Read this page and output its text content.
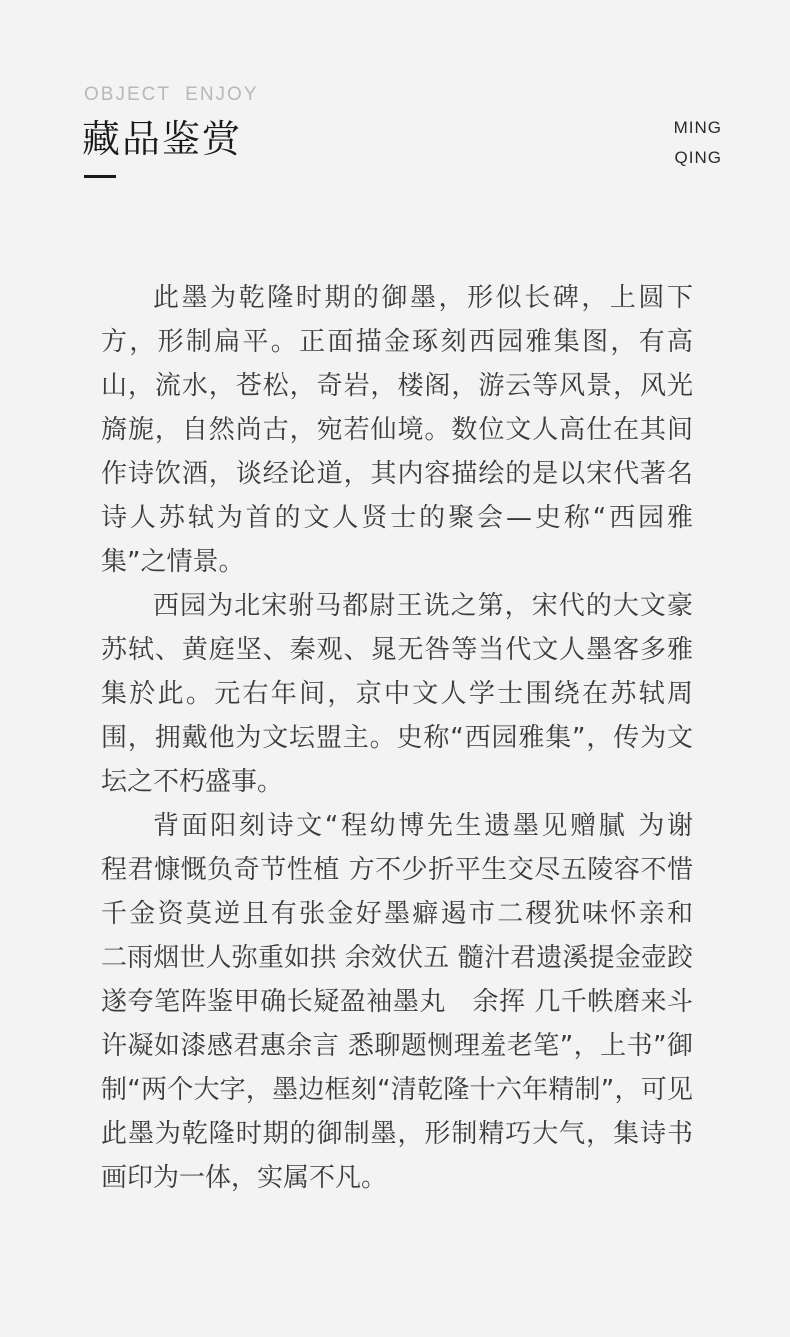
OBJECT  ENJOY
藏品鉴赏	MING
QING

此墨为乾隆时期的御墨，形似长碑，上圆下方，形制扁平。正面描金琢刻西园雅集图，有高山，流水，苍松，奇岩，楼阁，游云等风景，风光旖旎，自然尚古，宛若仙境。数位文人高仕在其间作诗饮酒，谈经论道，其内容描绘的是以宋代著名诗人苏轼为首的文人贤士的聚会—史称“西园雅集”之情景。

西园为北宋驸马都尉王诜之第，宋代的大文豪苏轼、黄庭坚、秦观、晁无咎等当代文人墨客多雅集於此。元右年间，京中文人学士围绕在苏轼周围，拥戴他为文坛盟主。史称“西园雅集”，传为文坛之不朽盛事。

背面阳刻诗文“程幼博先生遗墨见赠膩 为谢　程君慷慨负奇节性植 方不少折平生交尽五陵容不惜千金资莫逆且有张金好墨癖遏市二稷犹味怀亲和　二雨烟世人弥重如拱 余效伏五 髓汁君遗溪提金壶跤遂夸笔阵鉴甲确长疑盈袖墨丸　余挥 几千帙磨来斗许凝如漆感君惠余言 悉聊题恻理羞老笔”，上书”御制“两个大字，墨边框刻“清乾隆十六年精制”，可见此墨为乾隆时期的御制墨，形制精巧大气，集诗书画印为一体，实属不凡。
